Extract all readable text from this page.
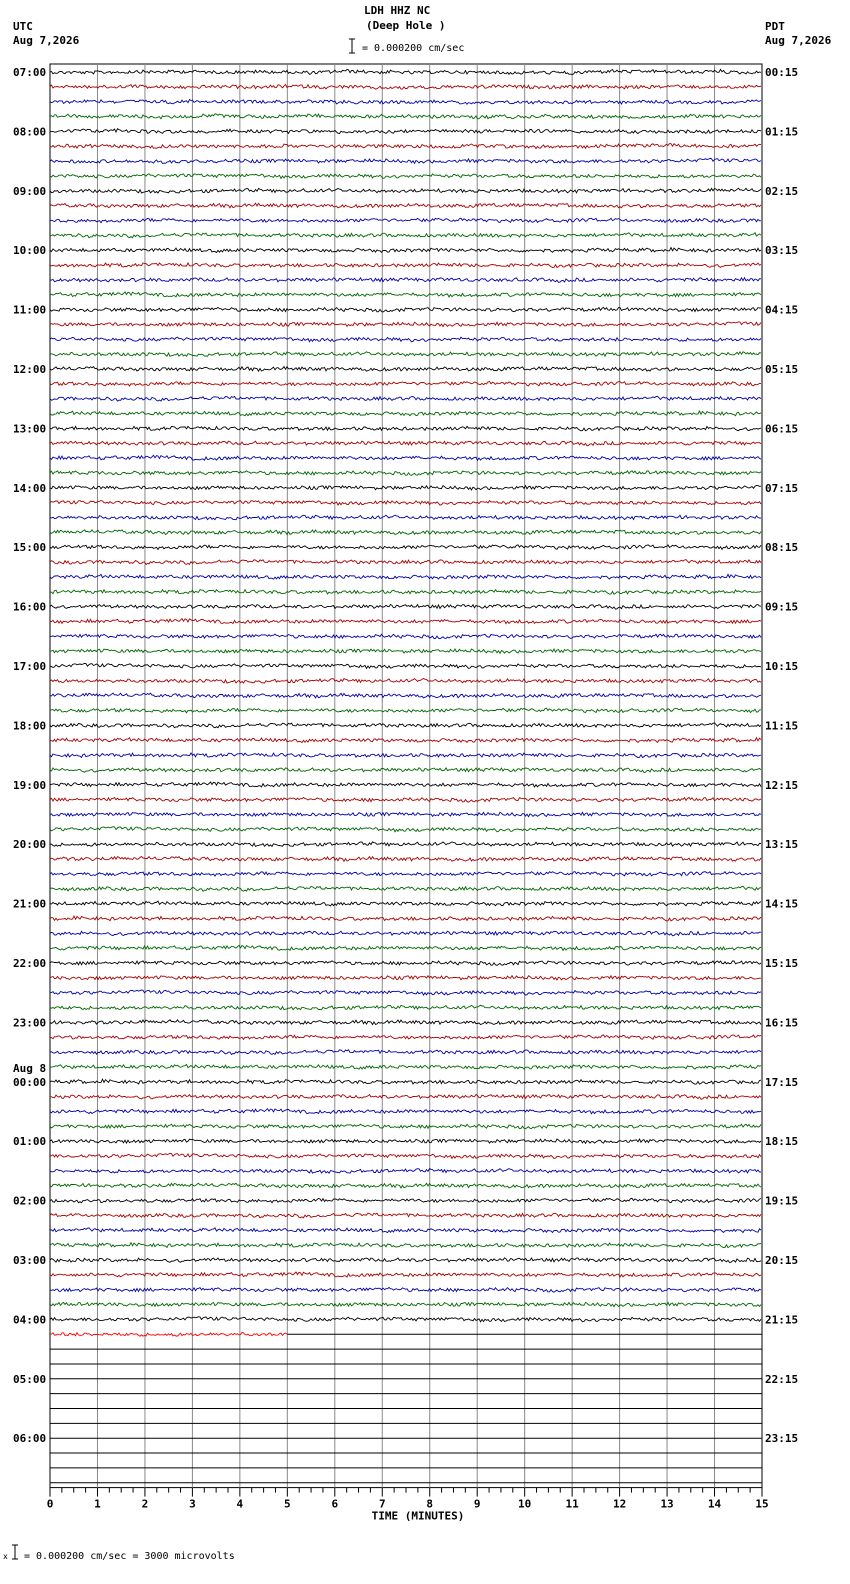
LDH HHZ NC
(Deep Hole )
UTC
Aug 7,2026
PDT
Aug 7,2026
= 0.000200 cm/sec
07:00
08:00
09:00
10:00
11:00
12:00
13:00
14:00
15:00
16:00
17:00
18:00
19:00
20:00
21:00
22:00
23:00
00:00
01:00
02:00
03:00
04:00
05:00
06:00
00:15
01:15
02:15
03:15
04:15
05:15
06:15
07:15
08:15
09:15
10:15
11:15
12:15
13:15
14:15
15:15
16:15
17:15
18:15
19:15
20:15
21:15
22:15
23:15
Aug 8
0	1	2	3	4	5	6	7	8	9	10	11	12	13	14	15
TIME (MINUTES)
x = 0.000200 cm/sec = 3000 microvolts
